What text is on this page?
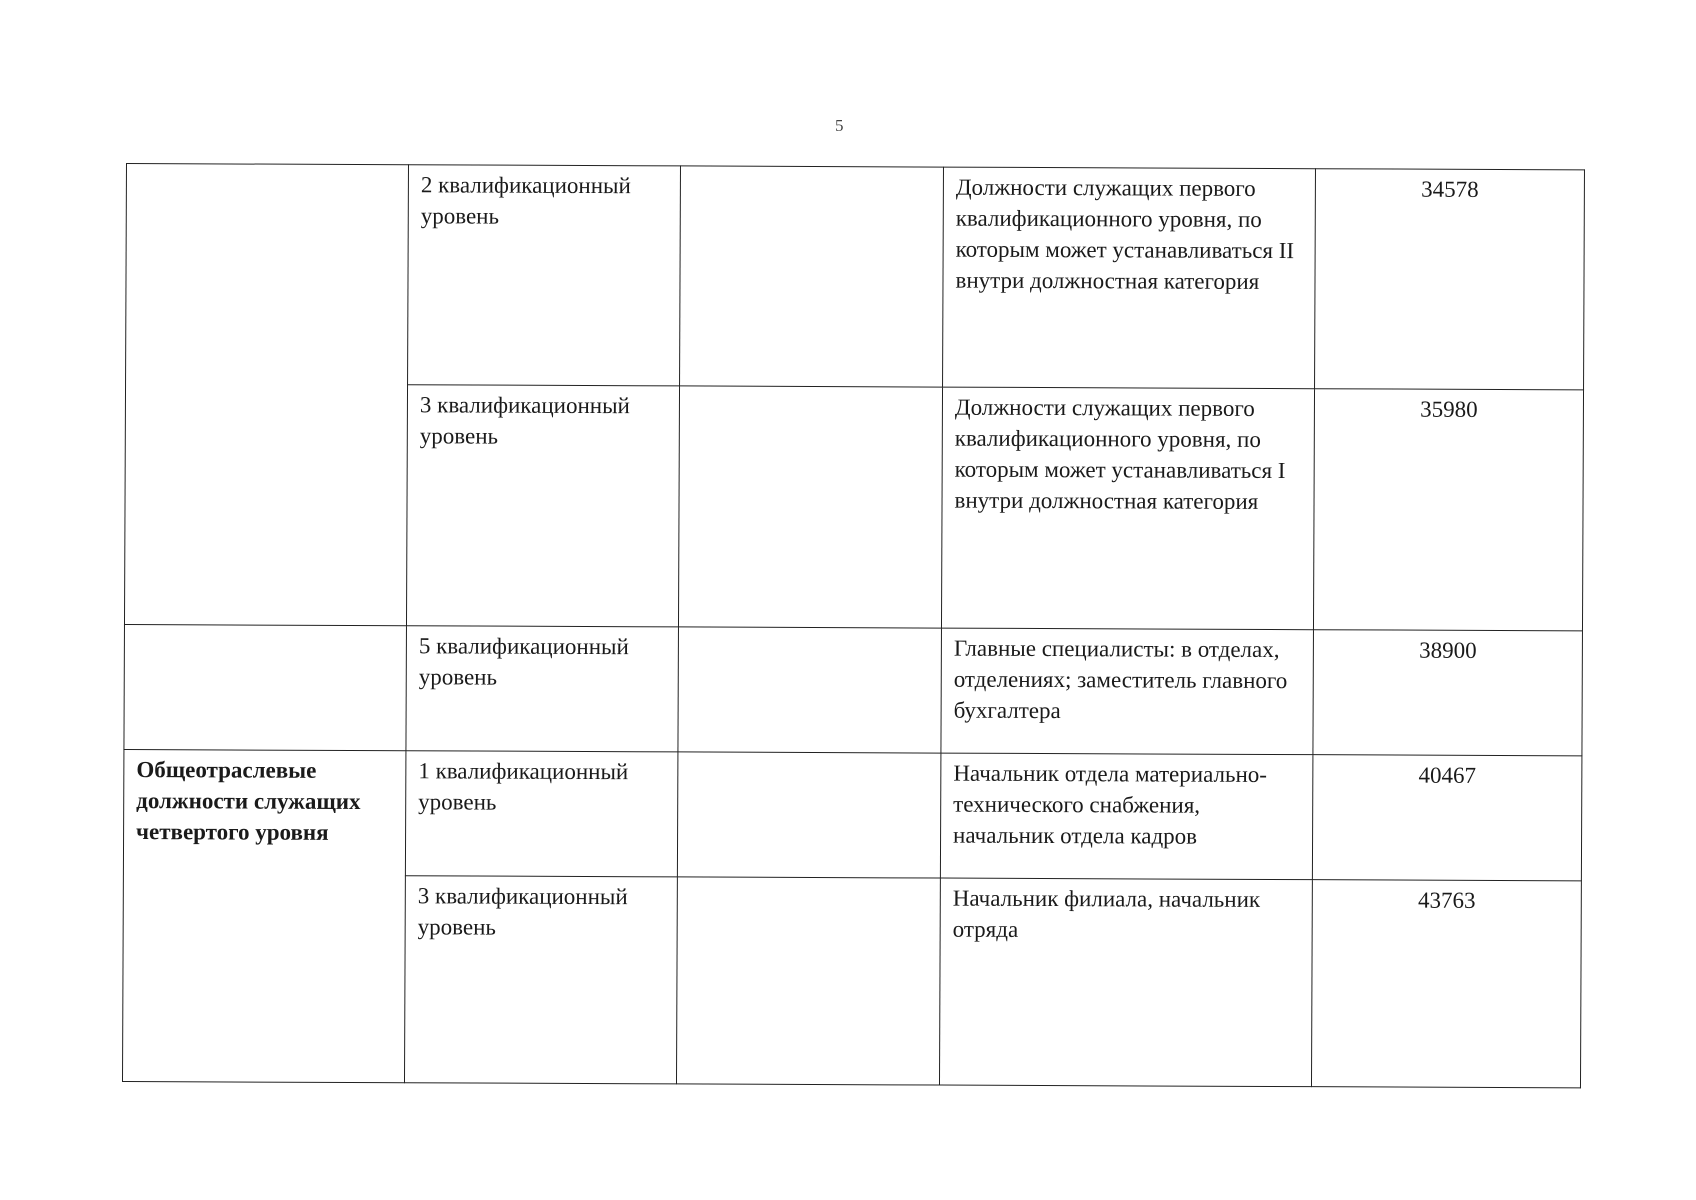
5
	2 квалификационный уровень		Должности служащих первого квалификационного уровня, по которым может устанавливаться II внутри должностная категория	34578
	3 квалификационный уровень		Должности служащих первого квалификационного уровня, по которым может устанавливаться I внутри должностная категория	35980
	5 квалификационный уровень		Главные специалисты: в отделах, отделениях; заместитель главного бухгалтера	38900
Общеотраслевые должности служащих четвертого уровня	1 квалификационный уровень		Начальник отдела материально-технического снабжения, начальник отдела кадров	40467
	3 квалификационный уровень		Начальник филиала, начальник отряда	43763
